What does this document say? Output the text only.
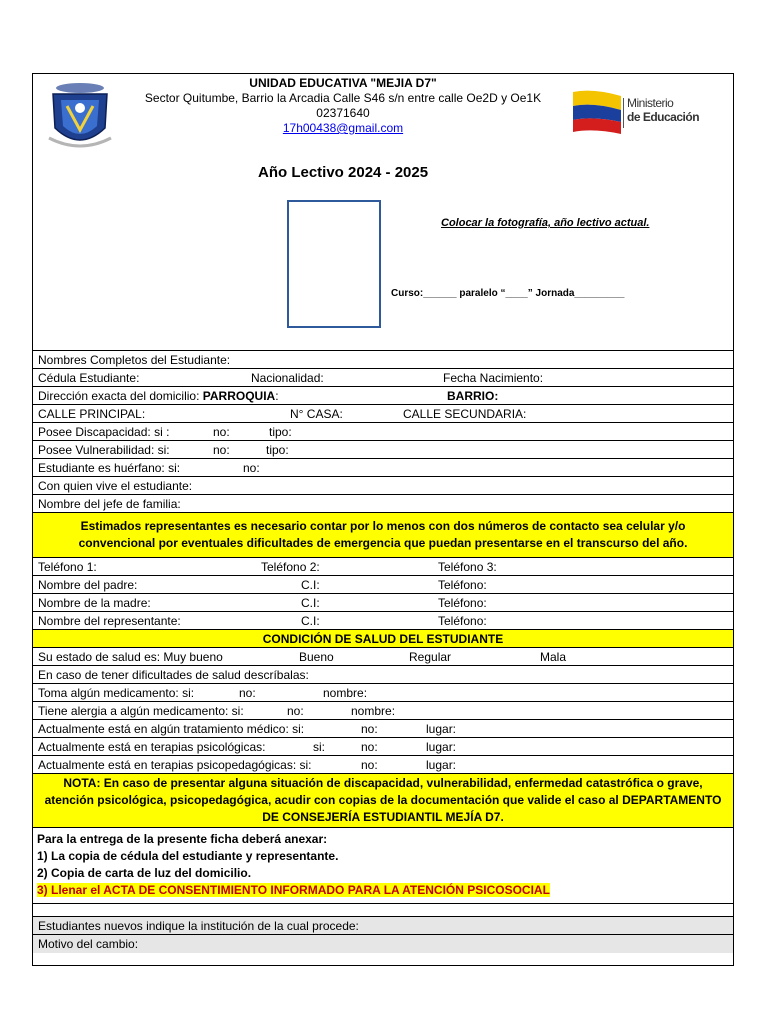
UNIDAD EDUCATIVA "MEJIA D7"
Sector Quitumbe, Barrio la Arcadia Calle S46 s/n entre calle Oe2D y Oe1K
02371640
17h00438@gmail.com
Ministerio
de Educación
Año Lectivo 2024 - 2025
Colocar la fotografía, año lectivo actual.
Curso:______ paralelo “____” Jornada_________
Nombres Completos del Estudiante:
Cédula Estudiante:	Nacionalidad:	Fecha Nacimiento:
Dirección exacta del domicilio: PARROQUIA:	BARRIO:
CALLE PRINCIPAL:	N° CASA:	CALLE SECUNDARIA:
Posee Discapacidad: si :	no:	tipo:
Posee Vulnerabilidad: si:	no:	tipo:
Estudiante es huérfano: si:	no:
Con quien vive el estudiante:
Nombre del jefe de familia:
Estimados representantes es necesario contar por lo menos con dos números de contacto sea celular y/o convencional por eventuales dificultades de emergencia que puedan presentarse en el transcurso del año.
Teléfono 1:	Teléfono 2:	Teléfono 3:
Nombre del padre:	C.I:	Teléfono:
Nombre de la madre:	C.I:	Teléfono:
Nombre del representante:	C.I:	Teléfono:
CONDICIÓN DE SALUD DEL ESTUDIANTE
Su estado de salud es: Muy bueno	Bueno	Regular	Mala
En caso de tener dificultades de salud descríbalas:
Toma algún medicamento: si:	no:	nombre:
Tiene alergia a algún medicamento: si:	no:	nombre:
Actualmente está en algún tratamiento médico: si:	no:	lugar:
Actualmente está en terapias psicológicas:	si:	no:	lugar:
Actualmente está en terapias psicopedagógicas: si:	no:	lugar:
NOTA: En caso de presentar alguna situación de discapacidad, vulnerabilidad, enfermedad catastrófica o grave, atención psicológica, psicopedagógica, acudir con copias de la documentación que valide el caso al DEPARTAMENTO DE CONSEJERÍA ESTUDIANTIL MEJÍA D7.
Para la entrega de la presente ficha deberá anexar:
1) La copia de cédula del estudiante y representante.
2) Copia de carta de luz del domicilio.
3) Llenar el ACTA DE CONSENTIMIENTO INFORMADO PARA LA ATENCIÓN PSICOSOCIAL
Estudiantes nuevos indique la institución de la cual procede:
Motivo del cambio:
